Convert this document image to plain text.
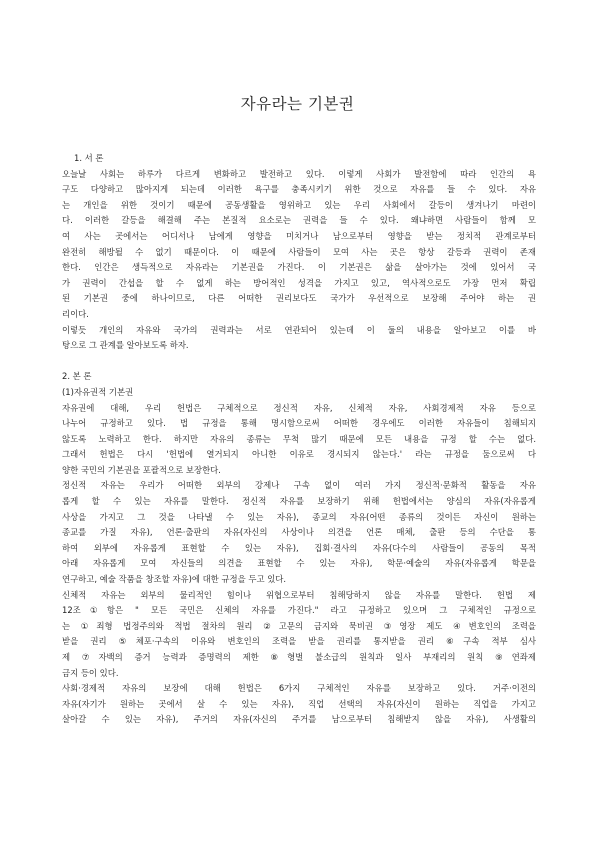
자유라는 기본권
1. 서 론
오늘날 사회는 하루가 다르게 변화하고 발전하고 있다. 이렇게 사회가 발전함에 따라 인간의 욕
구도 다양하고 많아지게 되는데 이러한 욕구를 충족시키기 위한 것으로 자유를 들 수 있다. 자유
는 개인을 위한 것이기 때문에 공동생활을 영위하고 있는 우리 사회에서 갈등이 생겨나기 마련이
다. 이러한 갈등을 해결해 주는 본질적 요소로는 권력을 들 수 있다. 왜냐하면 사람들이 함께 모
여 사는 곳에서는 어디서나 남에게 영향을 미치거나 남으로부터 영향을 받는 정치적 관계로부터
완전히 해방될 수 없기 때문이다. 이 때문에 사람들이 모여 사는 곳은 항상 갈등과 권력이 존재
한다. 인간은 생득적으로 자유라는 기본권을 가진다. 이 기본권은 삶을 살아가는 것에 있어서 국
가 권력이 간섭을 할 수 없게 하는 방어적인 성격을 가지고 있고, 역사적으로도 가장 먼저 확립
된 기본권 중에 하나이므로, 다른 어떠한 권리보다도 국가가 우선적으로 보장해 주어야 하는 권
리이다.
이렇듯 개인의 자유와 국가의 권력과는 서로 연관되어 있는데 이 둘의 내용을 알아보고 이를 바
탕으로 그 관계를 알아보도록 하자.
2. 본 론
(1)자유권적 기본권
자유권에 대해, 우리 헌법은 구체적으로 정신적 자유, 신체적 자유, 사회경제적 자유 등으로
나누어 규정하고 있다. 법 규정을 통해 명시함으로써 어떠한 경우에도 이러한 자유들이 침해되지
않도록 노력하고 한다. 하지만 자유의 종류는 무척 많기 때문에 모든 내용을 규정 할 수는 없다.
그래서 헌법은 다시 '헌법에 열거되지 아니한 이유로 경시되지 않는다.' 라는 규정을 둠으로써 다
양한 국민의 기본권을 포괄적으로 보장한다.
정신적 자유는 우리가 어떠한 외부의 강제나 구속 없이 여러 가지 정신적·문화적 활동을 자유
롭게 할 수 있는 자유를 말한다. 정신적 자유를 보장하기 위해 헌법에서는 양심의 자유(자유롭게
사상을 가지고 그 것을 나타낼 수 있는 자유), 종교의 자유(어떤 종류의 것이든 자신이 원하는
종교를 가질 자유), 언론·출판의 자유(자신의 사상이나 의견을 언론 매체, 출판 등의 수단을 통
하여 외부에 자유롭게 표현할 수 있는 자유), 집회·결사의 자유(다수의 사람들이 공동의 목적
아래 자유롭게 모여 자신들의 의견을 표현할 수 있는 자유), 학문·예술의 자유(자유롭게 학문을
연구하고, 예술 작품을 창조할 자유)에 대한 규정을 두고 있다.
신체적 자유는 외부의 물리적인 힘이나 위협으로부터 침해당하지 않을 자유를 말한다. 헌법 제
12조①항은 " 모든 국민은 신체의 자유를 가진다." 라고 규정하고 있으며 그 구체적인 규정으로
는 ①죄형 법정주의와 적법 절차의 원리 ②고문의 금지와 묵비권 ③영장 제도 ④변호인의 조력을
받을 권리 ⑤체포·구속의 이유와 변호인의 조력을 받을 권리를 통지받을 권리 ⑥구속 적부 심사
제 ⑦자백의 증거 능력과 증명력의 제한 ⑧형벌 불소급의 원칙과 일사 부재리의 원칙 ⑨연좌제
금지 등이 있다.
사회·경제적 자유의 보장에 대해 헌법은 6가지 구체적인 자유를 보장하고 있다. 거주·이전의
자유(자기가 원하는 곳에서 살 수 있는 자유), 직업 선택의 자유(자신이 원하는 직업을 가지고
살아갈 수 있는 자유), 주거의 자유(자신의 주거를 남으로부터 침해받지 않을 자유), 사생활의
